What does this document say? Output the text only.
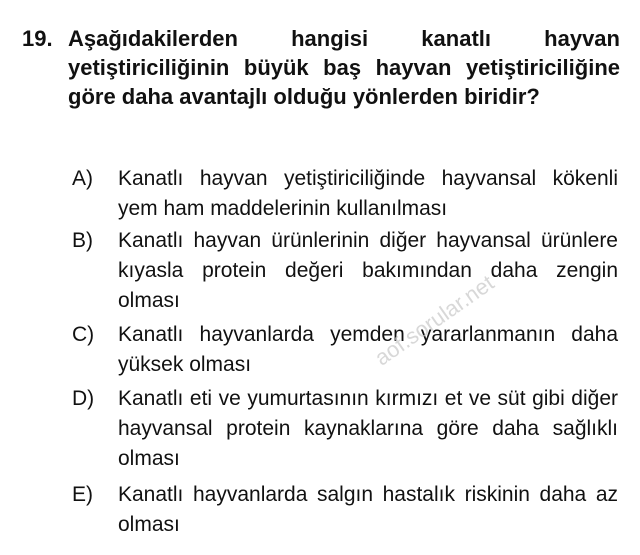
19. Aşağıdakilerden hangisi kanatlı hayvan yetiştiriciliğinin büyük baş hayvan yetiştiriciliğine göre daha avantajlı olduğu yönlerden biridir?
A) Kanatlı hayvan yetiştiriciliğinde hayvansal kökenli yem ham maddelerinin kullanılması
B) Kanatlı hayvan ürünlerinin diğer hayvansal ürünlere kıyasla protein değeri bakımından daha zengin olması
C) Kanatlı hayvanlarda yemden yararlanmanın daha yüksek olması
D) Kanatlı eti ve yumurtasının kırmızı et ve süt gibi diğer hayvansal protein kaynaklarına göre daha sağlıklı olması
E) Kanatlı hayvanlarda salgın hastalık riskinin daha az olması
aof.sorular.net
